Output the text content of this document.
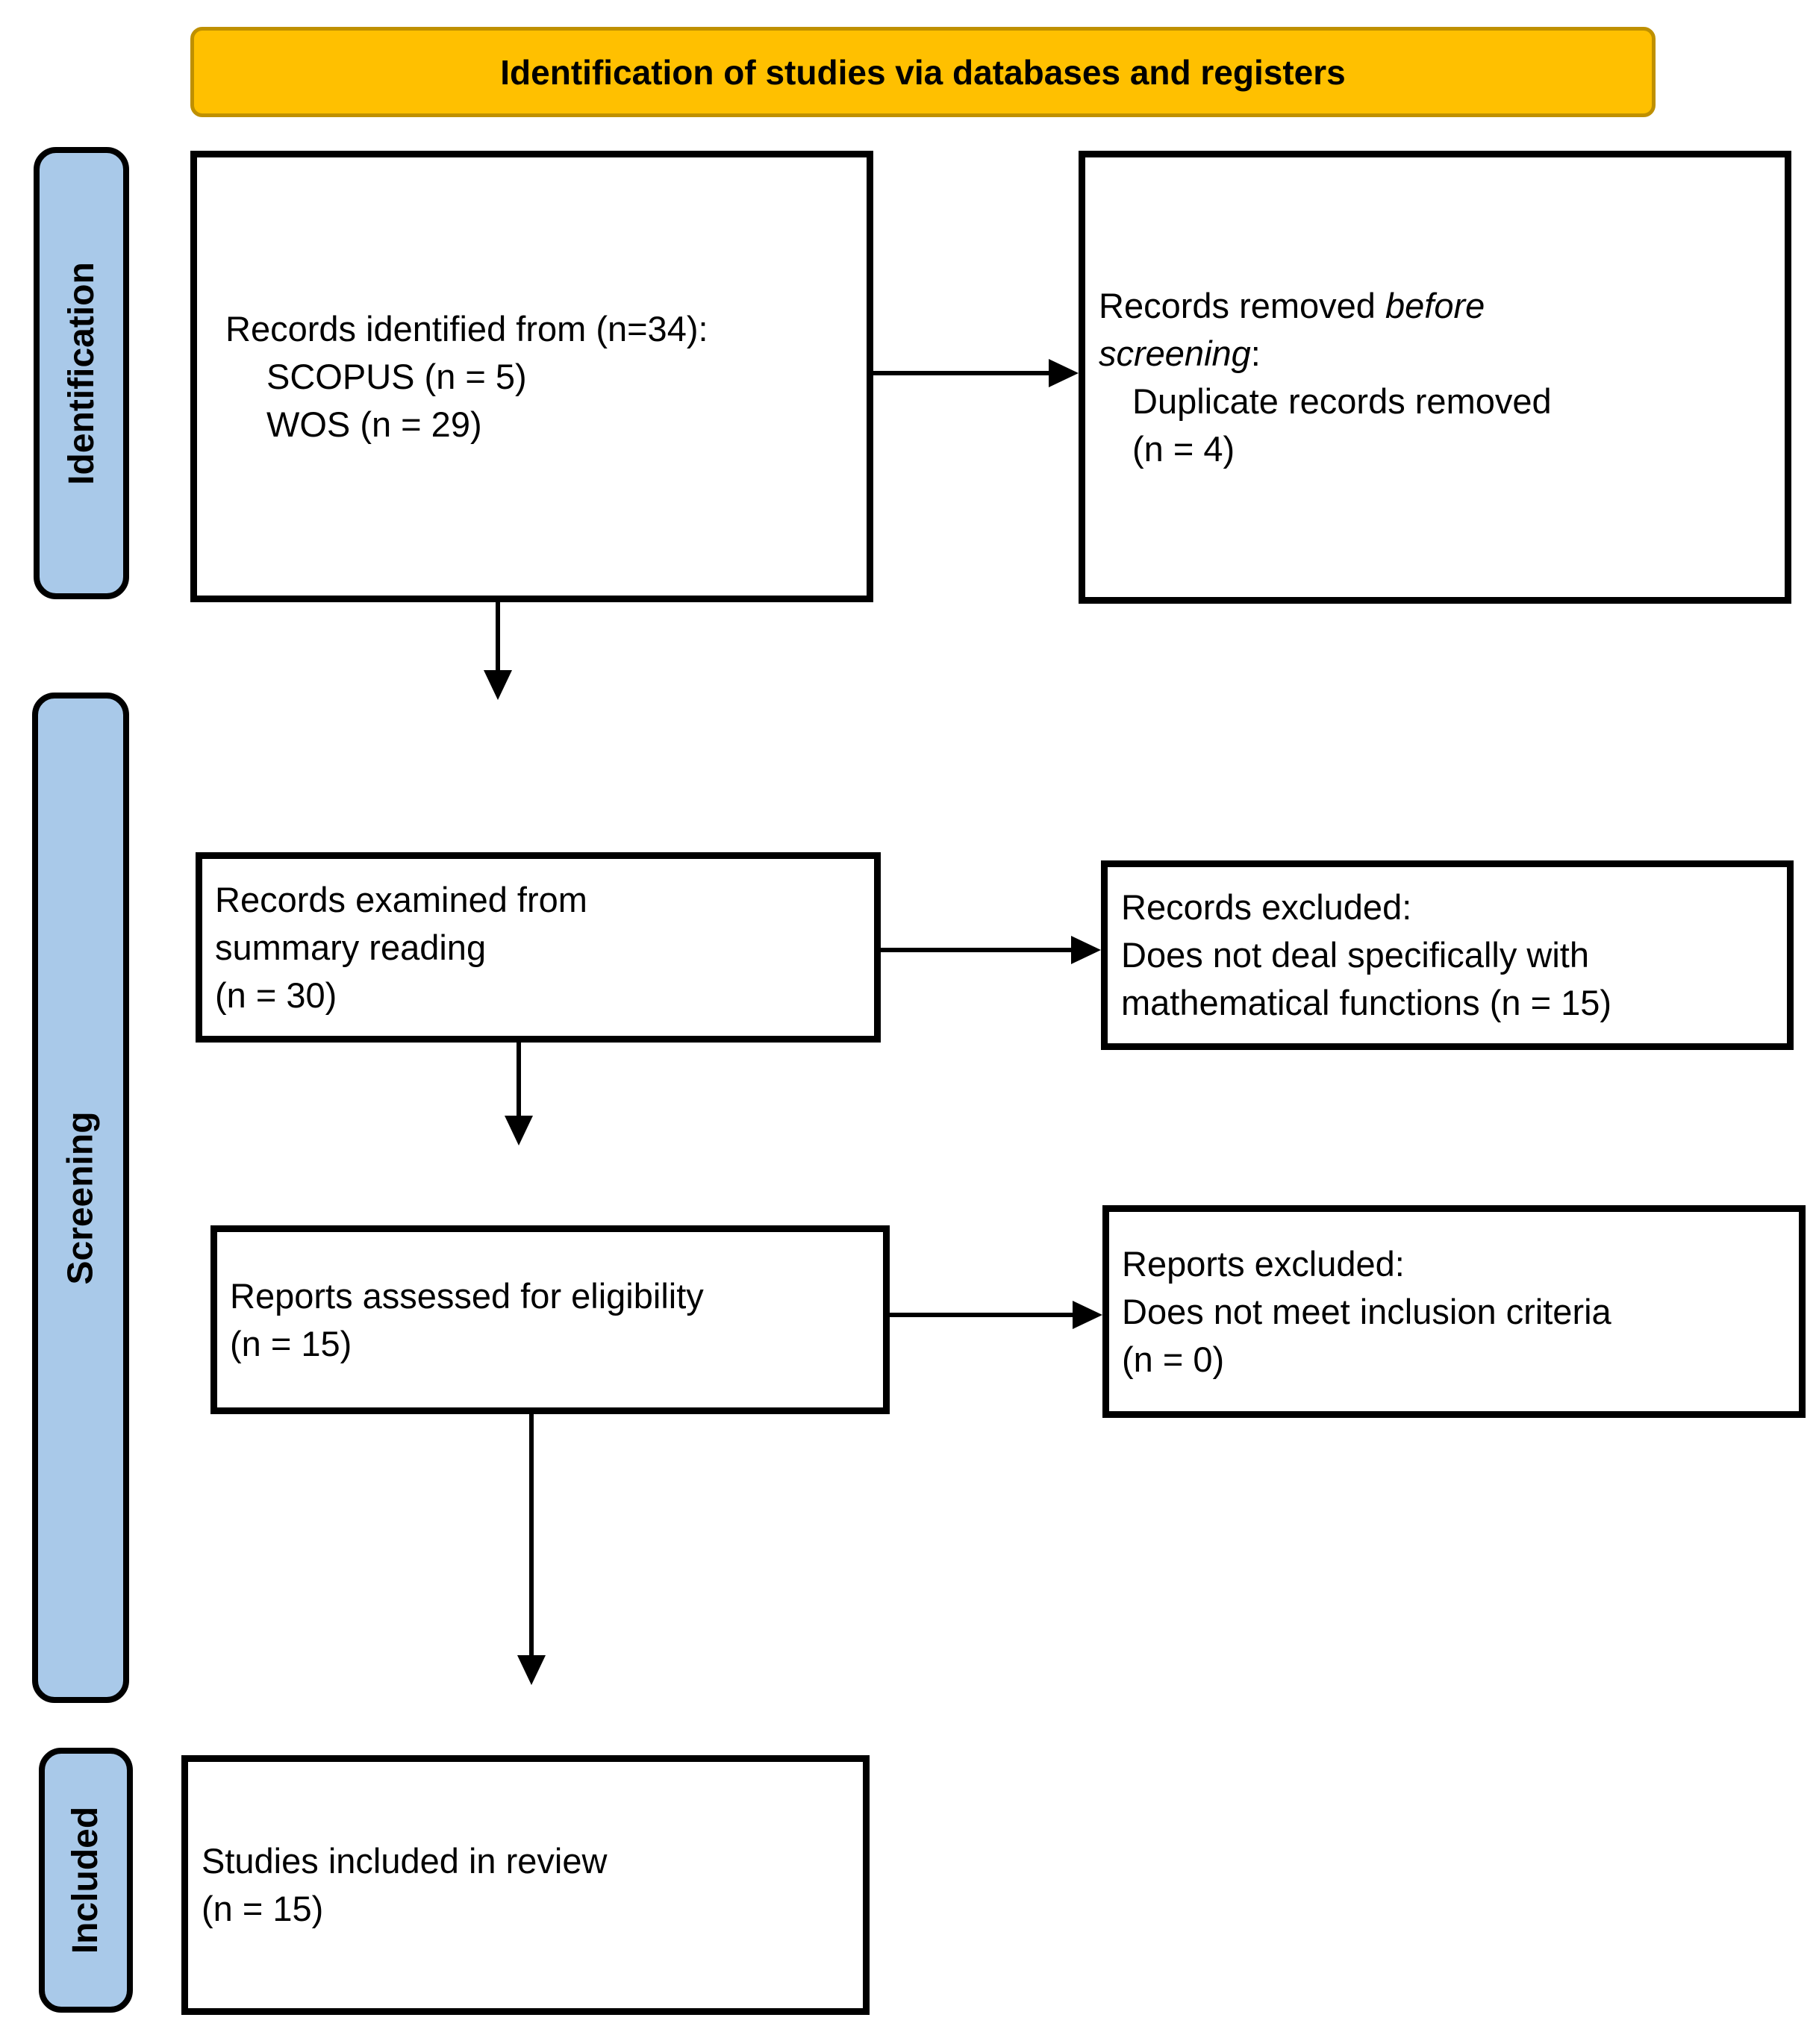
Identification of studies via databases and registers
Identification
Screening
Included
Records identified from (n=34):
SCOPUS (n = 5)
WOS (n = 29)
Records removed before
screening:
Duplicate records removed
(n = 4)
Records examined from
summary reading
(n = 30)
Records excluded:
Does not deal specifically with
mathematical functions (n = 15)
Reports assessed for eligibility
(n = 15)
Reports excluded:
Does not meet inclusion criteria
(n = 0)
Studies included in review
(n = 15)
